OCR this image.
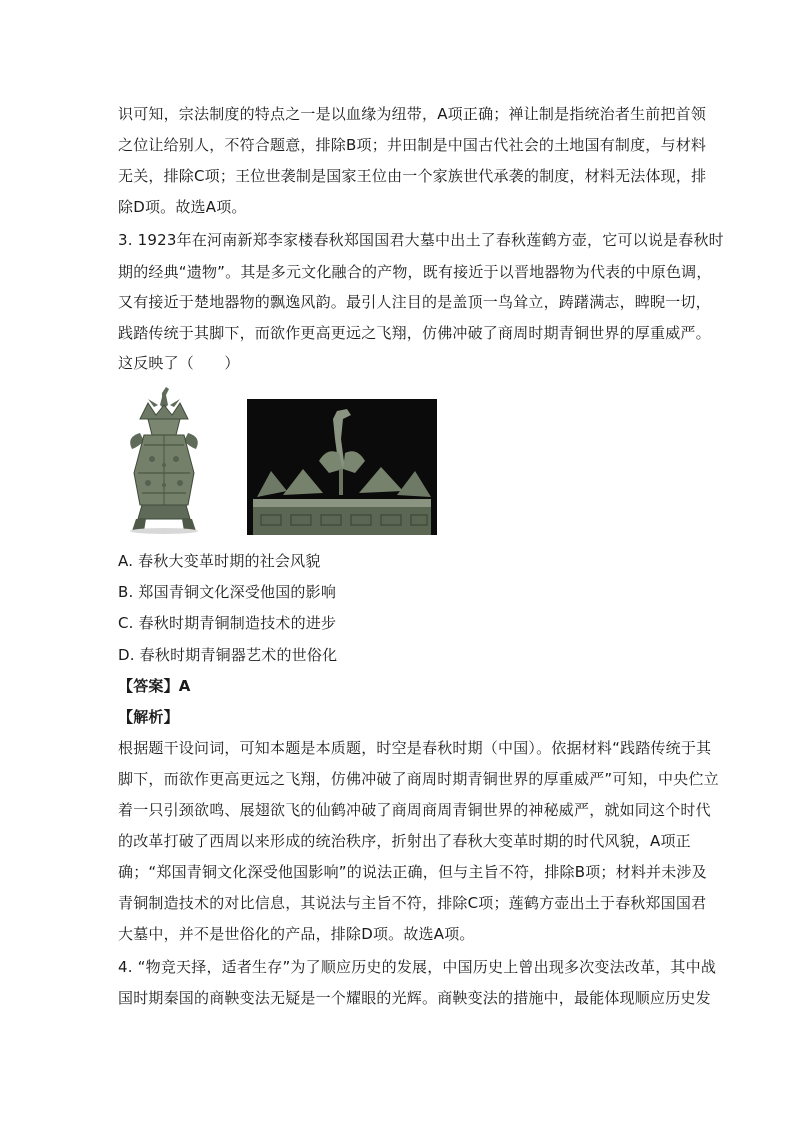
识可知，宗法制度的特点之一是以血缘为纽带，A项正确；禅让制是指统治者生前把首领
之位让给别人，不符合题意，排除B项；井田制是中国古代社会的土地国有制度，与材料
无关，排除C项；王位世袭制是国家王位由一个家族世代承袭的制度，材料无法体现，排
除D项。故选A项。
3. 1923年在河南新郑李家楼春秋郑国国君大墓中出土了春秋莲鹤方壶，它可以说是春秋时
期的经典“遗物”。其是多元文化融合的产物，既有接近于以晋地器物为代表的中原色调，
又有接近于楚地器物的飘逸风韵。最引人注目的是盖顶一鸟耸立，踌躇满志，睥睨一切，
践踏传统于其脚下，而欲作更高更远之飞翔，仿佛冲破了商周时期青铜世界的厚重威严。
这反映了（　　）
A. 春秋大变革时期的社会风貌
B. 郑国青铜文化深受他国的影响
C. 春秋时期青铜制造技术的进步
D. 春秋时期青铜器艺术的世俗化
【答案】A
【解析】
根据题干设问词，可知本题是本质题，时空是春秋时期（中国）。依据材料“践踏传统于其
脚下，而欲作更高更远之飞翔，仿佛冲破了商周时期青铜世界的厚重威严”可知，中央伫立
着一只引颈欲鸣、展翅欲飞的仙鹤冲破了商周商周青铜世界的神秘威严，就如同这个时代
的改革打破了西周以来形成的统治秩序，折射出了春秋大变革时期的时代风貌，A项正
确；“郑国青铜文化深受他国影响”的说法正确，但与主旨不符，排除B项；材料并未涉及
青铜制造技术的对比信息，其说法与主旨不符，排除C项；莲鹤方壶出土于春秋郑国国君
大墓中，并不是世俗化的产品，排除D项。故选A项。
4. “物竞天择，适者生存”为了顺应历史的发展，中国历史上曾出现多次变法改革，其中战
国时期秦国的商鞅变法无疑是一个耀眼的光辉。商鞅变法的措施中，最能体现顺应历史发
